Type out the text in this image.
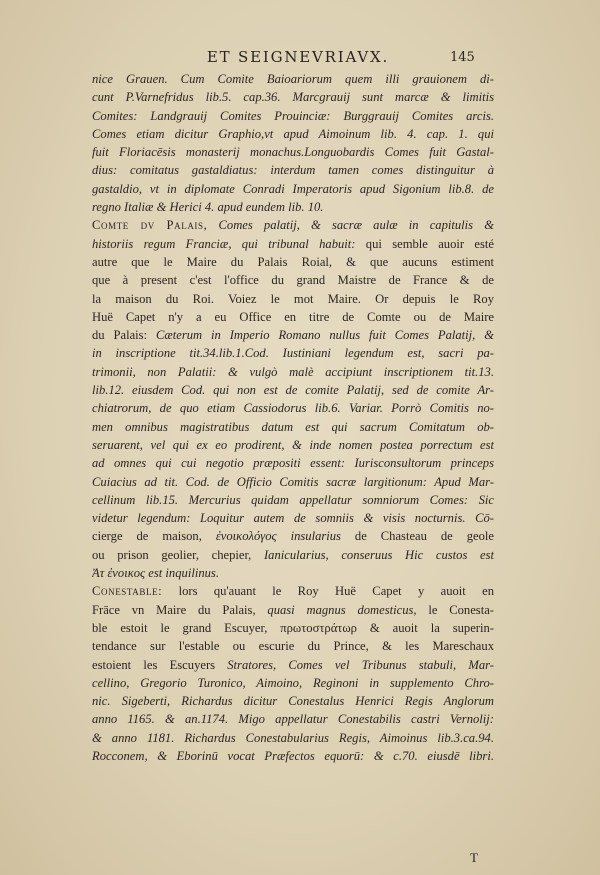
ET SEIGNEVRIAVX.	145
nice Grauen. Cum Comite Baioariorum quem illi grauionem di-
cunt P.Varnefridus lib.5. cap.36. Marcgrauij sunt marcæ & limitis
Comites: Landgrauij Comites Prouinciæ: Burggrauij Comites arcis.
Comes etiam dicitur Graphio,vt apud Aimoinum lib. 4. cap. 1. qui
fuit Floriacēsis monasterij monachus.Longuobardis Comes fuit Gastal-
dius: comitatus gastaldiatus: interdum tamen comes distinguitur à
gastaldio, vt in diplomate Conradi Imperatoris apud Sigonium lib.8. de
regno Italiæ & Herici 4. apud eundem lib. 10.
Comte dv Palais, Comes palatij, & sacræ aulæ in capitulis &
historiis regum Franciæ, qui tribunal habuit: qui semble auoir esté
autre que le Maire du Palais Roial, & que aucuns estiment
que à present c'est l'office du grand Maistre de France & de
la maison du Roi. Voiez le mot Maire. Or depuis le Roy
Huë Capet n'y a eu Office en titre de Comte ou de Maire
du Palais: Cæterum in Imperio Romano nullus fuit Comes Palatij, &
in inscriptione tit.34.lib.1.Cod. Iustiniani legendum est, sacri pa-
trimonii, non Palatii: & vulgò malè accipiunt inscriptionem tit.13.
lib.12. eiusdem Cod. qui non est de comite Palatij, sed de comite Ar-
chiatrorum, de quo etiam Cassiodorus lib.6. Variar. Porrò Comitis no-
men omnibus magistratibus datum est qui sacrum Comitatum ob-
seruarent, vel qui ex eo prodirent, & inde nomen postea porrectum est
ad omnes qui cui negotio præpositi essent: Iurisconsultorum princeps
Cuiacius ad tit. Cod. de Officio Comitis sacræ largitionum: Apud Mar-
cellinum lib.15. Mercurius quidam appellatur somniorum Comes: Sic
videtur legendum: Loquitur autem de somniis & visis nocturnis. Cō-
cierge de maison, ἐνοικολόγος insularius de Chasteau de geole
ou prison geolier, chepier, Ianicularius, conseruus Hic custos est
Ἀτ ἐνοικος est inquilinus.
Conestable: lors qu'auant le Roy Huë Capet y auoit en
Frāce vn Maire du Palais, quasi magnus domesticus, le Conesta-
ble estoit le grand Escuyer, πρωτοστράτωρ & auoit la superin-
tendance sur l'estable ou escurie du Prince, & les Mareschaux
estoient les Escuyers Stratores, Comes vel Tribunus stabuli, Mar-
cellino, Gregorio Turonico, Aimoino, Reginoni in supplemento Chro-
nic. Sigeberti, Richardus dicitur Conestalus Henrici Regis Anglorum
anno 1165. & an.1174. Migo appellatur Conestabilis castri Vernolij:
& anno 1181. Richardus Conestabularius Regis, Aimoinus lib.3.ca.94.
Rocconem, & Eborinū vocat Præfectos equorū: & c.70. eiusdē libri.
T
